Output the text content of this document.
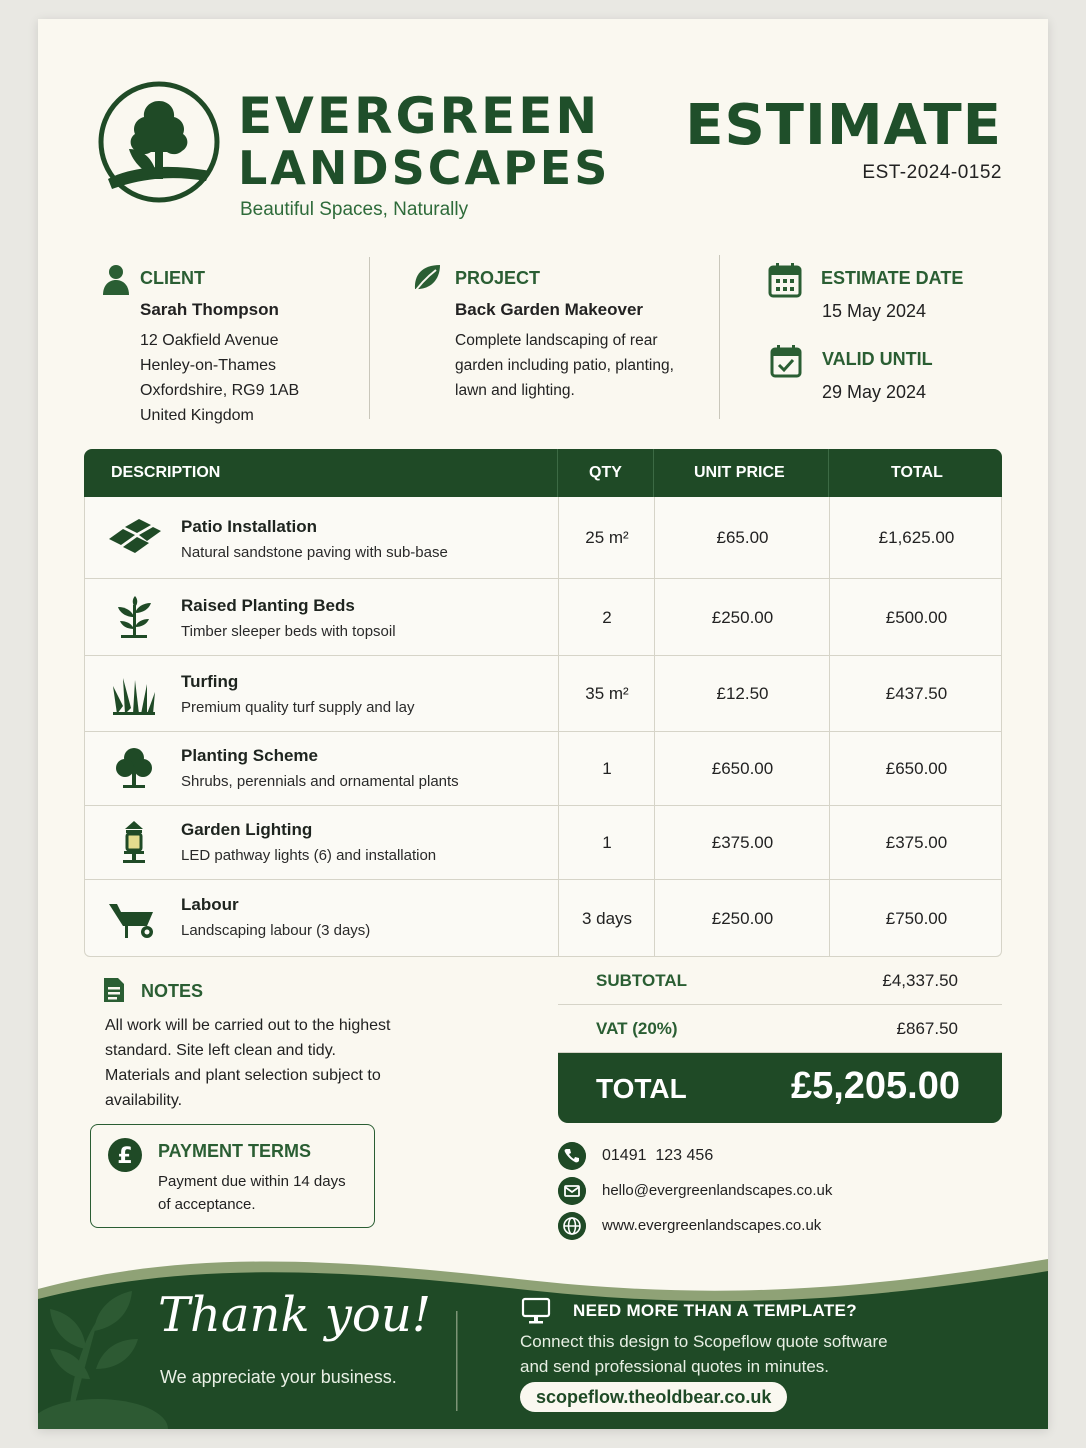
EVERGREEN
LANDSCAPES
Beautiful Spaces, Naturally
ESTIMATE
EST-2024-0152
CLIENT
Sarah Thompson
12 Oakfield Avenue
Henley-on-Thames
Oxfordshire, RG9 1AB
United Kingdom
PROJECT
Back Garden Makeover
Complete landscaping of rear
garden including patio, planting,
lawn and lighting.
ESTIMATE DATE
15 May 2024
VALID UNTIL
29 May 2024
DESCRIPTION	QTY	UNIT PRICE	TOTAL
Patio Installation
Natural sandstone paving with sub-base
25 m²	£65.00	£1,625.00
Raised Planting Beds
Timber sleeper beds with topsoil
2	£250.00	£500.00
Turfing
Premium quality turf supply and lay
35 m²	£12.50	£437.50
Planting Scheme
Shrubs, perennials and ornamental plants
1	£650.00	£650.00
Garden Lighting
LED pathway lights (6) and installation
1	£375.00	£375.00
Labour
Landscaping labour (3 days)
3 days	£250.00	£750.00
SUBTOTAL	£4,337.50
VAT (20%)	£867.50
TOTAL	£5,205.00
NOTES
All work will be carried out to the highest
standard. Site left clean and tidy.
Materials and plant selection subject to
availability.
£ PAYMENT TERMS
Payment due within 14 days
of acceptance.
01491  123 456
hello@evergreenlandscapes.co.uk
www.evergreenlandscapes.co.uk
Thank you!
We appreciate your business.
NEED MORE THAN A TEMPLATE?
Connect this design to Scopeflow quote software
and send professional quotes in minutes.
scopeflow.theoldbear.co.uk
